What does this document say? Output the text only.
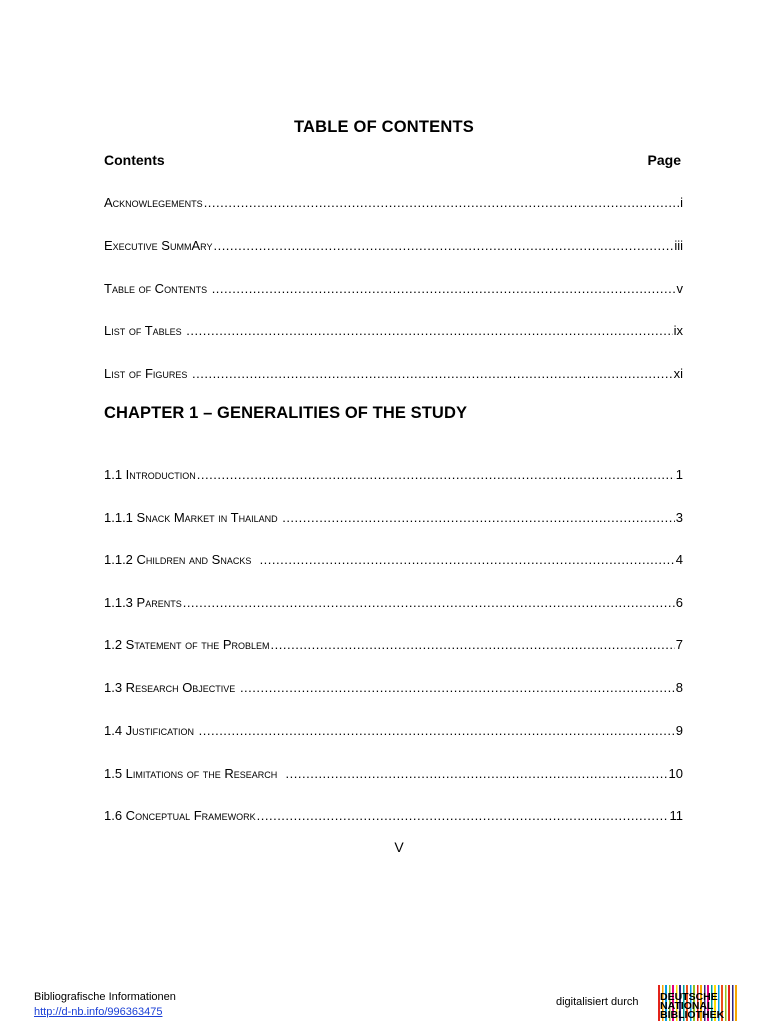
TABLE OF CONTENTS
Contents	Page
Acknowlegements .....	i
Executive SummAry .....	iii
Table of Contents .....	v
List of Tables .....	ix
List of Figures .....	xi
CHAPTER 1 – GENERALITIES OF THE STUDY
1.1 Introduction .....	1
1.1.1 Snack Market in Thailand .....	3
1.1.2 Children and Snacks .....	4
1.1.3 Parents .....	6
1.2 Statement of the Problem .....	7
1.3 Research Objective .....	8
1.4 Justification .....	9
1.5 Limitations of the Research .....	10
1.6 Conceptual Framework .....	11
V
Bibliografische Informationen
http://d-nb.info/996363475
digitalisiert durch DEUTSCHE
NATIONAL
BIBLIOTHEK
